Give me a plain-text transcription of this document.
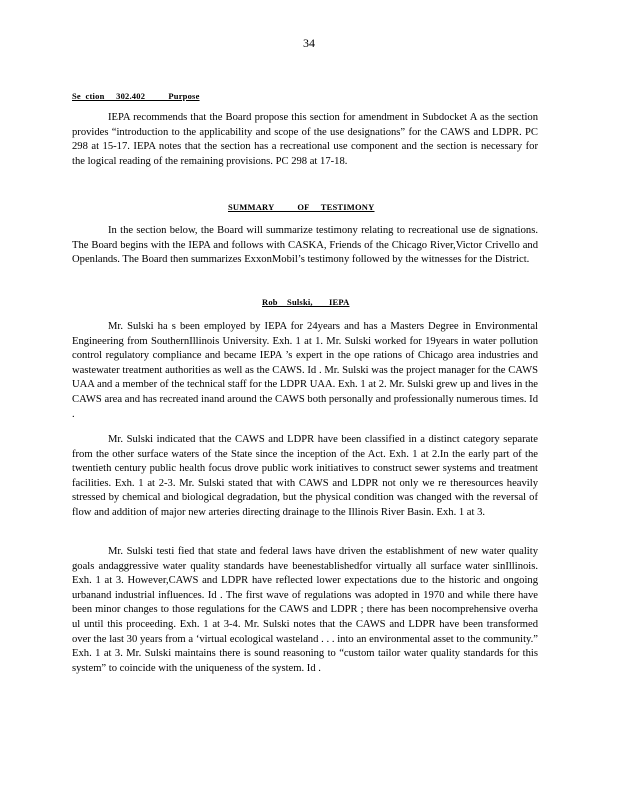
34
Se  ction     302.402          Purpose
IEPA recommends that the Board propose this section for amendment in Subdocket A as the section provides “introduction to the applicability and scope of the use designations” for the CAWS and LDPR. PC 298 at 15-17. IEPA notes that the section has a recreational use component and the section is necessary for the logical reading of the remaining provisions. PC 298 at 17-18.
SUMMARY          OF     TESTIMONY
In the section below, the Board will summarize testimony relating to recreational use de signations. The Board begins with the IEPA and follows with CASKA, Friends of the Chicago River,Victor Crivello and Openlands. The Board then summarizes ExxonMobil’s testimony followed by the witnesses for the District.
Rob    Sulski,       IEPA
Mr. Sulski ha s been employed by IEPA for 24years and has a Masters Degree in Environmental Engineering from SouthernIllinois University. Exh. 1 at 1. Mr. Sulski worked for 19years in water pollution control regulatory compliance and became IEPA ’s expert in the ope rations of Chicago area industries and wastewater treatment authorities as well as the CAWS. Id . Mr. Sulski was the project manager for the CAWS UAA and a member of the technical staff for the LDPR UAA. Exh. 1 at 2. Mr. Sulski grew up and lives in the CAWS area and has recreated inand around the CAWS both personally and professionally numerous times. Id .
Mr. Sulski indicated that the CAWS and LDPR have been classified in a distinct category separate from the other surface waters of the State since the inception of the Act. Exh. 1 at 2.In the early part of the twentieth century public health focus drove public work initiatives to construct sewer systems and treatment facilities. Exh. 1 at 2-3. Mr. Sulski stated that with CAWS and LDPR not only we re theresources heavily stressed by chemical and biological degradation, but the physical condition was changed with the reversal of flow and addition of major new arteries directing drainage to the Illinois River Basin. Exh. 1 at 3.
Mr. Sulski testi fied that state and federal laws have driven the establishment of new water quality goals andaggressive water quality standards have beenestablishedfor virtually all surface water sinIllinois. Exh. 1 at 3. However,CAWS and LDPR have reflected lower expectations due to the historic and ongoing urbanand industrial influences. Id . The first wave of regulations was adopted in 1970 and while there have been minor changes to those regulations for the CAWS and LDPR ; there has been nocomprehensive overha ul until this proceeding. Exh. 1 at 3-4. Mr. Sulski notes that the CAWS and LDPR have been transformed over the last 30 years from a ‘virtual ecological wasteland . . . into an environmental asset to the community.” Exh. 1 at 3. Mr. Sulski maintains there is sound reasoning to “custom tailor water quality standards for this system” to coincide with the uniqueness of the system. Id .
